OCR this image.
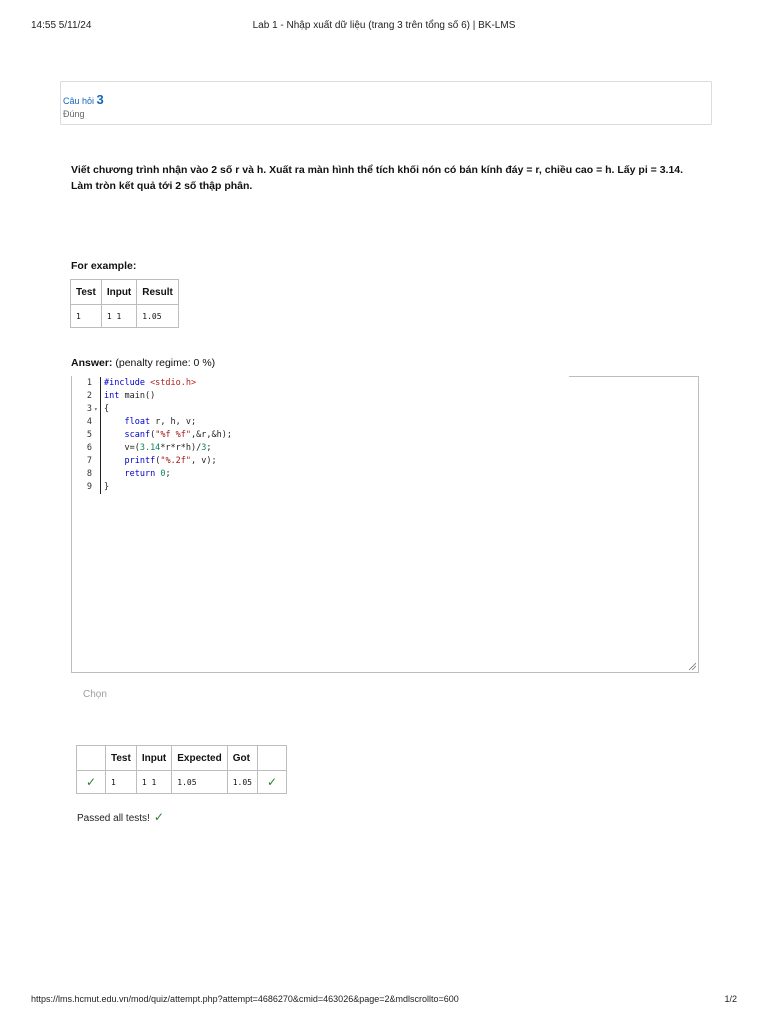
14:55 5/11/24	Lab 1 - Nhập xuất dữ liệu (trang 3 trên tổng số 6) | BK-LMS
Câu hỏi 3
Đúng
Viết chương trình nhận vào 2 số r và h. Xuất ra màn hình thể tích khối nón có bán kính đáy = r, chiều cao = h. Lấy pi = 3.14.
Làm tròn kết quả tới 2 số thập phân.
For example:
Test	Input	Result
1	1 1	1.05
Answer: (penalty regime: 0 %)
1
2
3 ▾
4
5
6
7
8
9
#include <stdio.h>
int main()
{
float r, h, v;
scanf("%f %f",&r,&h);
v=(3.14*r*r*h)/3;
printf("%.2f", v);
return 0;
}
Chọn
	Test	Input	Expected	Got	
✓	1	1 1	1.05	1.05	✓
Passed all tests! ✓
https://lms.hcmut.edu.vn/mod/quiz/attempt.php?attempt=4686270&cmid=463026&page=2&mdlscrollto=600	1/2
